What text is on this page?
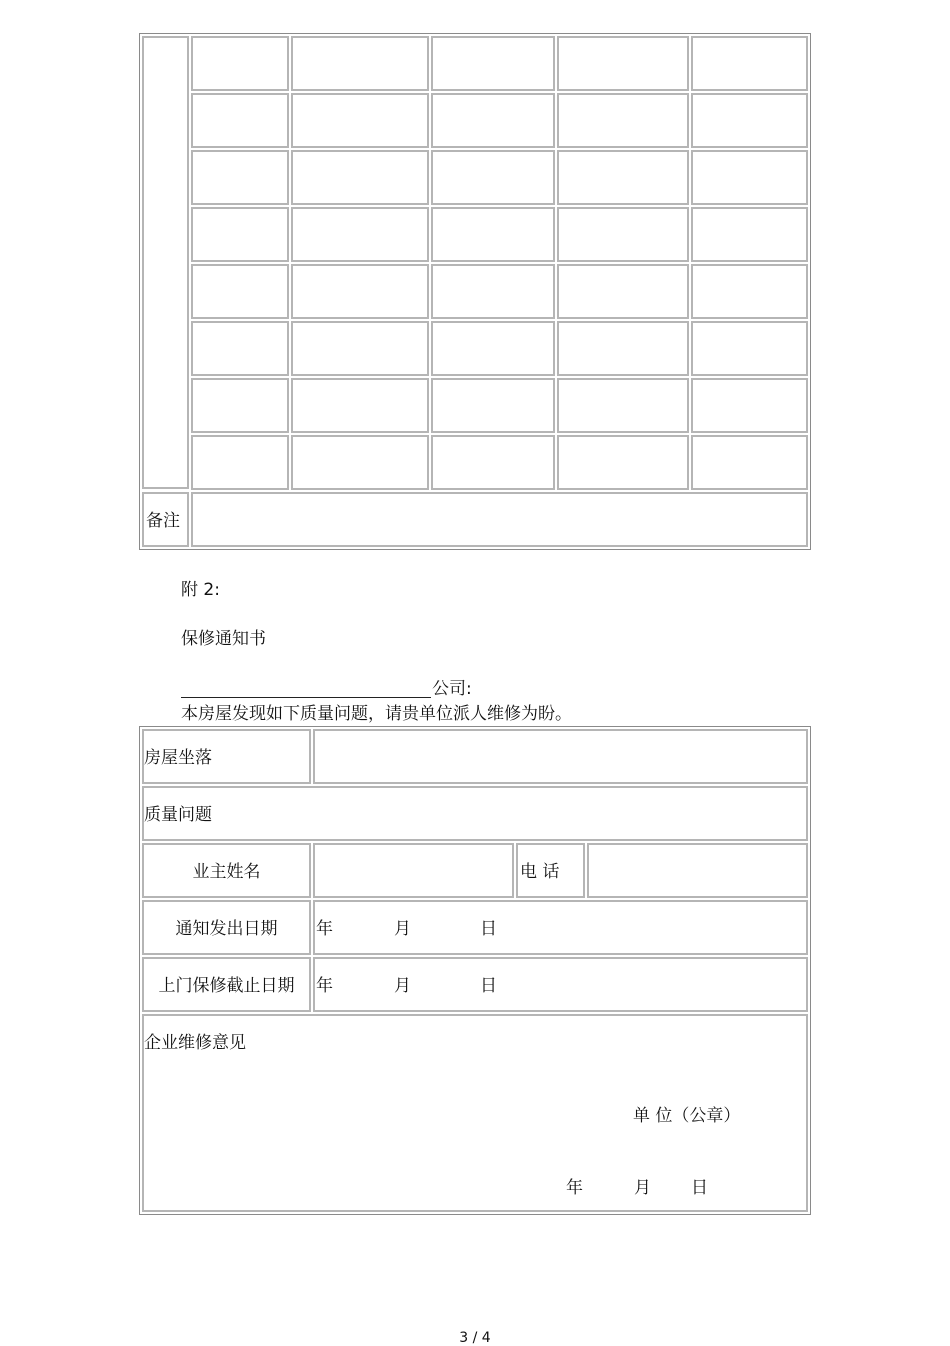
备注
附 2:
保修通知书
公司:
本房屋发现如下质量问题，请贵单位派人维修为盼。
房屋坐落
质量问题
业主姓名	电 话
通知发出日期	年	月	日
上门保修截止日期	年	月	日
企业维修意见
单 位（公章）
年	月 日
3 / 4
